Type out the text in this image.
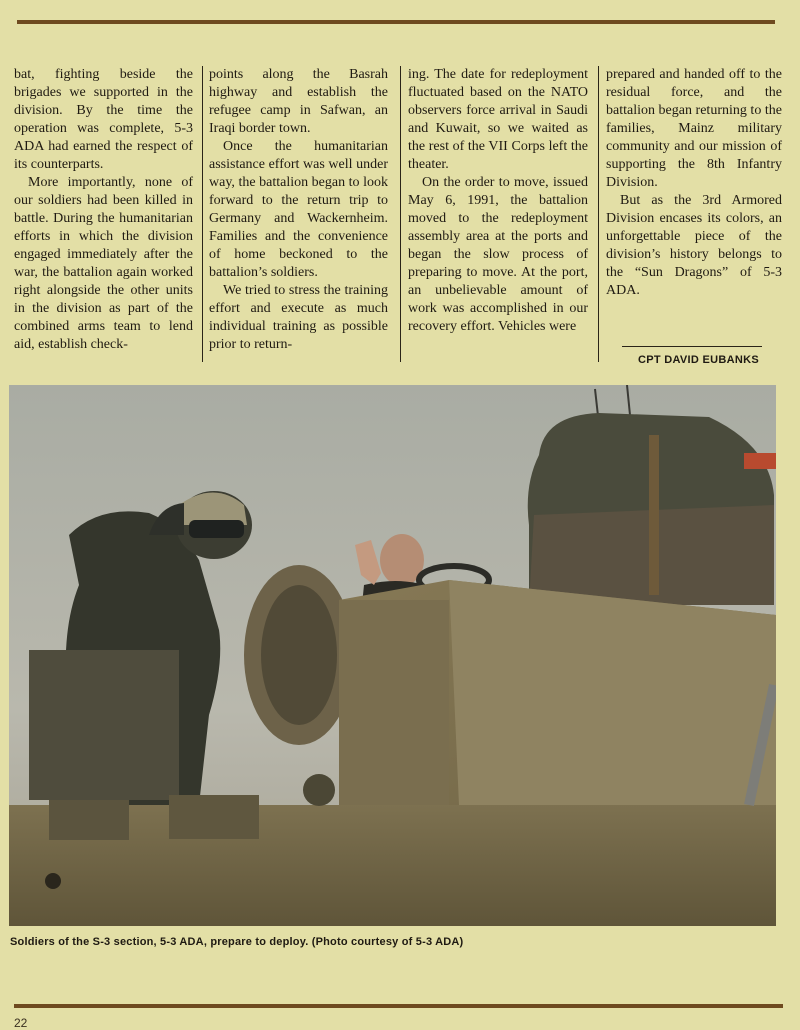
bat, fighting beside the brigades we supported in the division. By the time the operation was complete, 5-3 ADA had earned the respect of its counterparts.

More importantly, none of our soldiers had been killed in battle. During the humanitarian efforts in which the division engaged immediately after the war, the battalion again worked right alongside the other units in the division as part of the combined arms team to lend aid, establish check-

points along the Basrah highway and establish the refugee camp in Safwan, an Iraqi border town.

Once the humanitarian assistance effort was well under way, the battalion began to look forward to the return trip to Germany and Wackernheim. Families and the convenience of home beckoned to the battalion’s soldiers.

We tried to stress the training effort and execute as much individual training as possible prior to return-

ing. The date for redeployment fluctuated based on the NATO observers force arrival in Saudi and Kuwait, so we waited as the rest of the VII Corps left the theater.

On the order to move, issued May 6, 1991, the battalion moved to the redeployment assembly area at the ports and began the slow process of preparing to move. At the port, an unbelievable amount of work was accomplished in our recovery effort. Vehicles were

prepared and handed off to the residual force, and the battalion began returning to the families, Mainz military community and our mission of supporting the 8th Infantry Division.

But as the 3rd Armored Division encases its colors, an unforgettable piece of the division’s history belongs to the “Sun Dragons” of 5-3 ADA.

CPT DAVID EUBANKS
Soldiers of the S-3 section, 5-3 ADA, prepare to deploy. (Photo courtesy of 5-3 ADA)
22
